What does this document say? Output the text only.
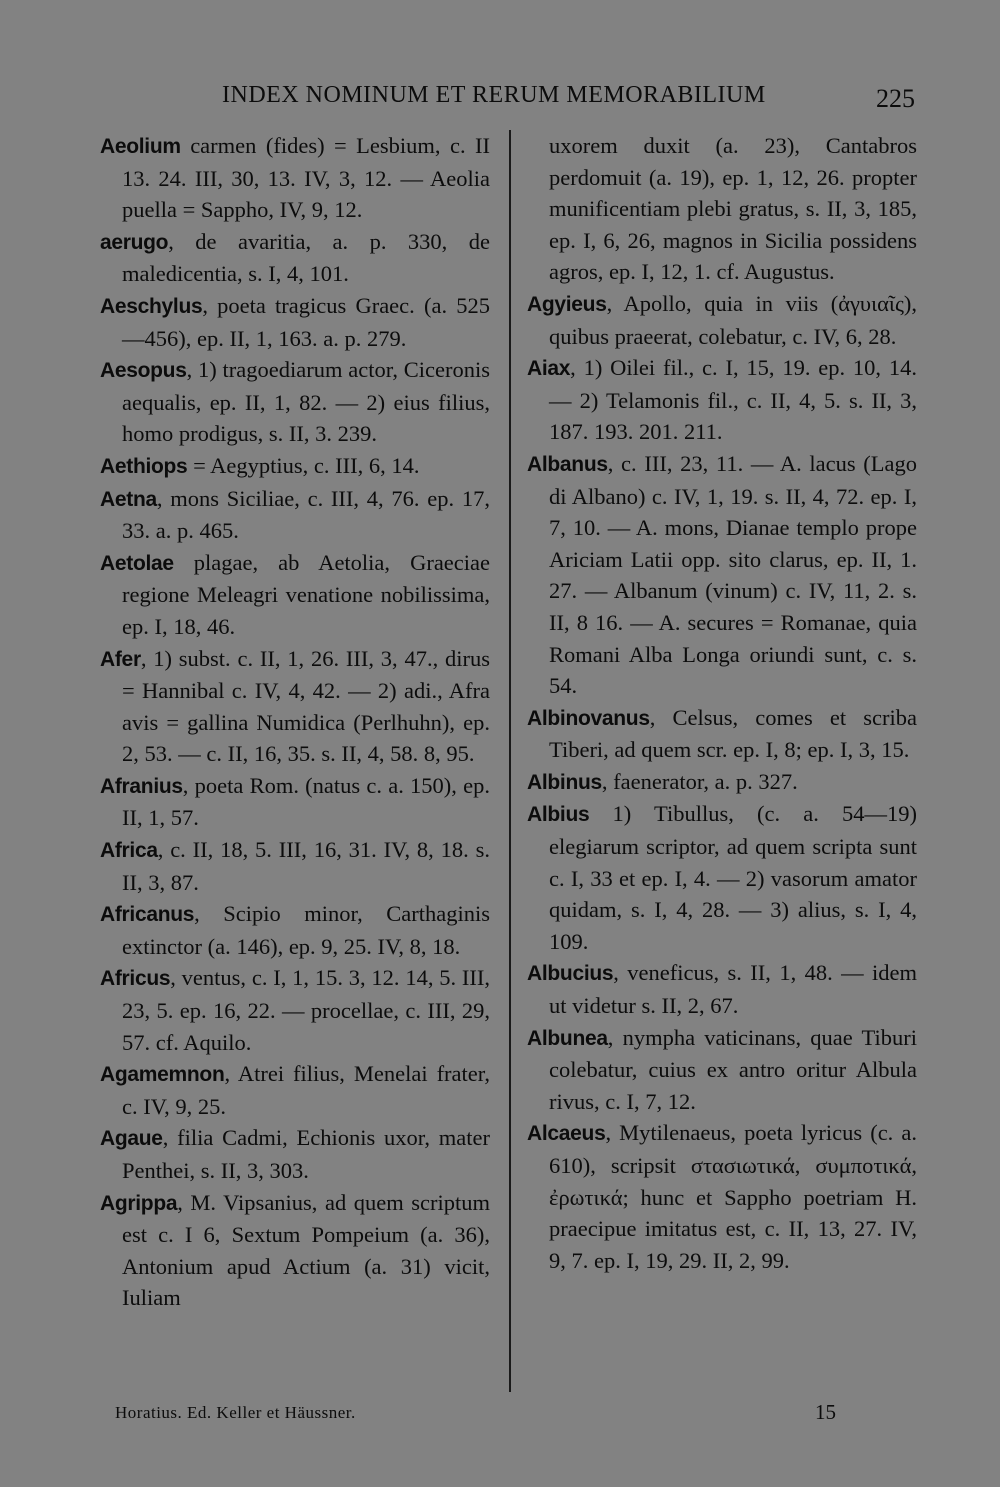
INDEX NOMINUM ET RERUM MEMORABILIUM	225
Aeolium carmen (fides) = Lesbium, c. II 13. 24. III, 30, 13. IV, 3, 12. — Aeolia puella = Sappho, IV, 9, 12.
aerugo, de avaritia, a. p. 330, de maledicentia, s. I, 4, 101.
Aeschylus, poeta tragicus Graec. (a. 525—456), ep. II, 1, 163. a. p. 279.
Aesopus, 1) tragoediarum actor, Ciceronis aequalis, ep. II, 1, 82. — 2) eius filius, homo prodigus, s. II, 3. 239.
Aethiops = Aegyptius, c. III, 6, 14.
Aetna, mons Siciliae, c. III, 4, 76. ep. 17, 33. a. p. 465.
Aetolae plagae, ab Aetolia, Graeciae regione Meleagri venatione nobilissima, ep. I, 18, 46.
Afer, 1) subst. c. II, 1, 26. III, 3, 47., dirus = Hannibal c. IV, 4, 42. — 2) adi., Afra avis = gallina Numidica (Perlhuhn), ep. 2, 53. — c. II, 16, 35. s. II, 4, 58. 8, 95.
Afranius, poeta Rom. (natus c. a. 150), ep. II, 1, 57.
Africa, c. II, 18, 5. III, 16, 31. IV, 8, 18. s. II, 3, 87.
Africanus, Scipio minor, Carthaginis extinctor (a. 146), ep. 9, 25. IV, 8, 18.
Africus, ventus, c. I, 1, 15. 3, 12. 14, 5. III, 23, 5. ep. 16, 22. — procellae, c. III, 29, 57. cf. Aquilo.
Agamemnon, Atrei filius, Menelai frater, c. IV, 9, 25.
Agaue, filia Cadmi, Echionis uxor, mater Penthei, s. II, 3, 303.
Agrippa, M. Vipsanius, ad quem scriptum est c. I 6, Sextum Pompeium (a. 36), Antonium apud Actium (a. 31) vicit, Iuliam
uxorem duxit (a. 23), Cantabros perdomuit (a. 19), ep. 1, 12, 26. propter munificentiam plebi gratus, s. II, 3, 185, ep. I, 6, 26, magnos in Sicilia possidens agros, ep. I, 12, 1. cf. Augustus.
Agyieus, Apollo, quia in viis (ἀγυιαῖς), quibus praeerat, colebatur, c. IV, 6, 28.
Aiax, 1) Oilei fil., c. I, 15, 19. ep. 10, 14. — 2) Telamonis fil., c. II, 4, 5. s. II, 3, 187. 193. 201. 211.
Albanus, c. III, 23, 11. — A. lacus (Lago di Albano) c. IV, 1, 19. s. II, 4, 72. ep. I, 7, 10. — A. mons, Dianae templo prope Ariciam Latii opp. sito clarus, ep. II, 1. 27. — Albanum (vinum) c. IV, 11, 2. s. II, 8 16. — A. secures = Romanae, quia Romani Alba Longa oriundi sunt, c. s. 54.
Albinovanus, Celsus, comes et scriba Tiberi, ad quem scr. ep. I, 8; ep. I, 3, 15.
Albinus, faenerator, a. p. 327.
Albius 1) Tibullus, (c. a. 54—19) elegiarum scriptor, ad quem scripta sunt c. I, 33 et ep. I, 4. — 2) vasorum amator quidam, s. I, 4, 28. — 3) alius, s. I, 4, 109.
Albucius, veneficus, s. II, 1, 48. — idem ut videtur s. II, 2, 67.
Albunea, nympha vaticinans, quae Tiburi colebatur, cuius ex antro oritur Albula rivus, c. I, 7, 12.
Alcaeus, Mytilenaeus, poeta lyricus (c. a. 610), scripsit στασιωτικά, συμποτικά, ἐρωτικά; hunc et Sappho poetriam H. praecipue imitatus est, c. II, 13, 27. IV, 9, 7. ep. I, 19, 29. II, 2, 99.
Horatius. Ed. Keller et Häussner.	15
